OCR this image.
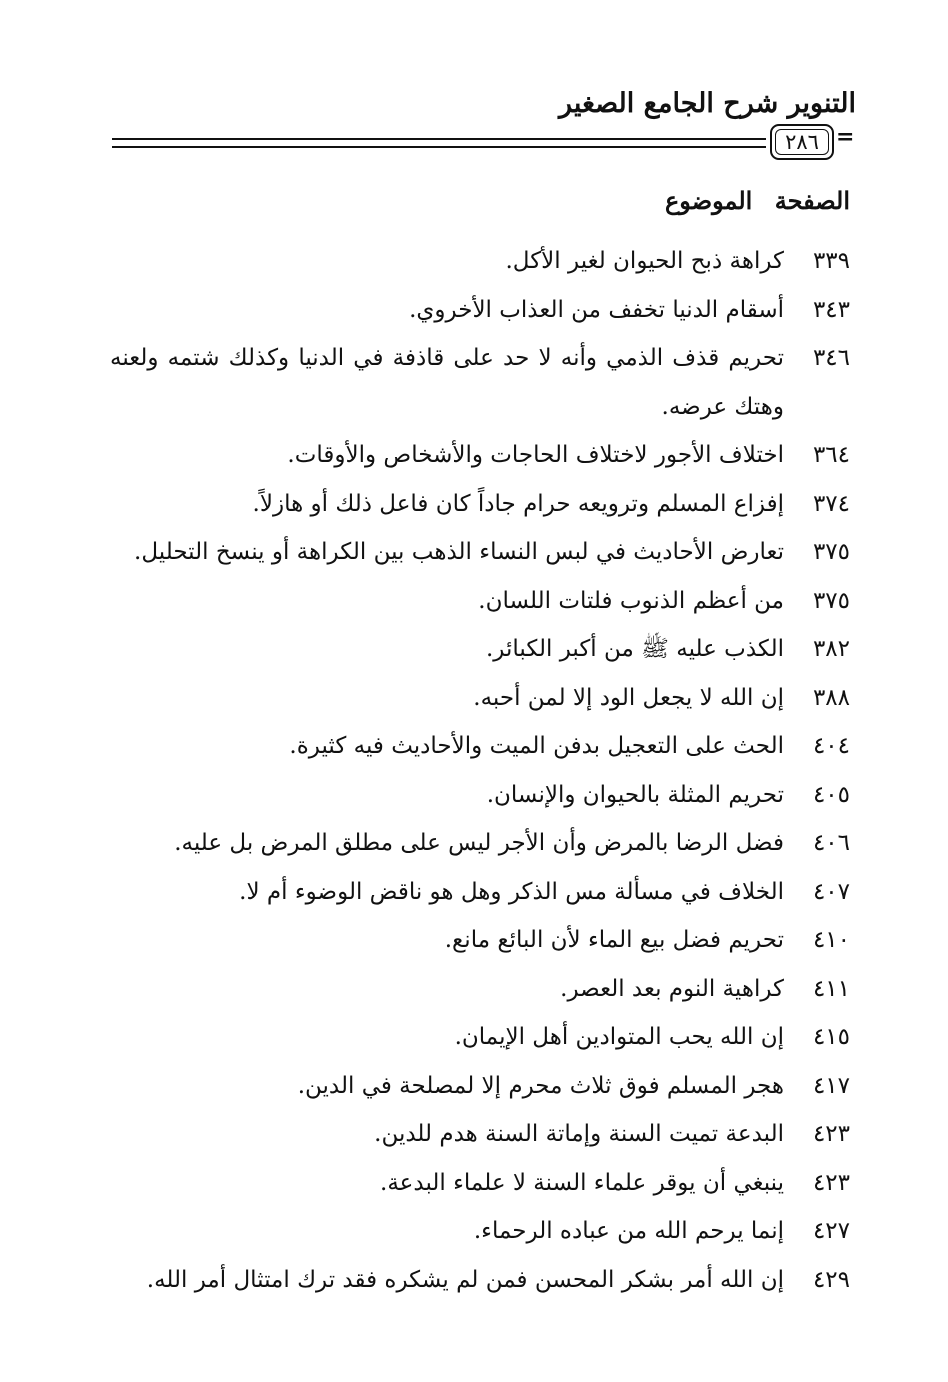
التنوير شرح الجامع الصغير
٢٨٦ =
الصفحة الموضوع
٣٣٩
كراهة ذبح الحيوان لغير الأكل.
٣٤٣
أسقام الدنيا تخفف من العذاب الأخروي.
٣٤٦
تحريم قذف الذمي وأنه لا حد على قاذفة في الدنيا وكذلك شتمه ولعنه وهتك عرضه.
٣٦٤
اختلاف الأجور لاختلاف الحاجات والأشخاص والأوقات.
٣٧٤
إفزاع المسلم وترويعه حرام جاداً كان فاعل ذلك أو هازلاً.
٣٧٥
تعارض الأحاديث في لبس النساء الذهب بين الكراهة أو ينسخ التحليل.
٣٧٥
من أعظم الذنوب فلتات اللسان.
٣٨٢
الكذب عليه ﷺ من أكبر الكبائر.
٣٨٨
إن الله لا يجعل الود إلا لمن أحبه.
٤٠٤
الحث على التعجيل بدفن الميت والأحاديث فيه كثيرة.
٤٠٥
تحريم المثلة بالحيوان والإنسان.
٤٠٦
فضل الرضا بالمرض وأن الأجر ليس على مطلق المرض بل عليه.
٤٠٧
الخلاف في مسألة مس الذكر وهل هو ناقض الوضوء أم لا.
٤١٠
تحريم فضل بيع الماء لأن البائع مانع.
٤١١
كراهية النوم بعد العصر.
٤١٥
إن الله يحب المتوادين أهل الإيمان.
٤١٧
هجر المسلم فوق ثلاث محرم إلا لمصلحة في الدين.
٤٢٣
البدعة تميت السنة وإماتة السنة هدم للدين.
٤٢٣
ينبغي أن يوقر علماء السنة لا علماء البدعة.
٤٢٧
إنما يرحم الله من عباده الرحماء.
٤٢٩
إن الله أمر بشكر المحسن فمن لم يشكره فقد ترك امتثال أمر الله.
